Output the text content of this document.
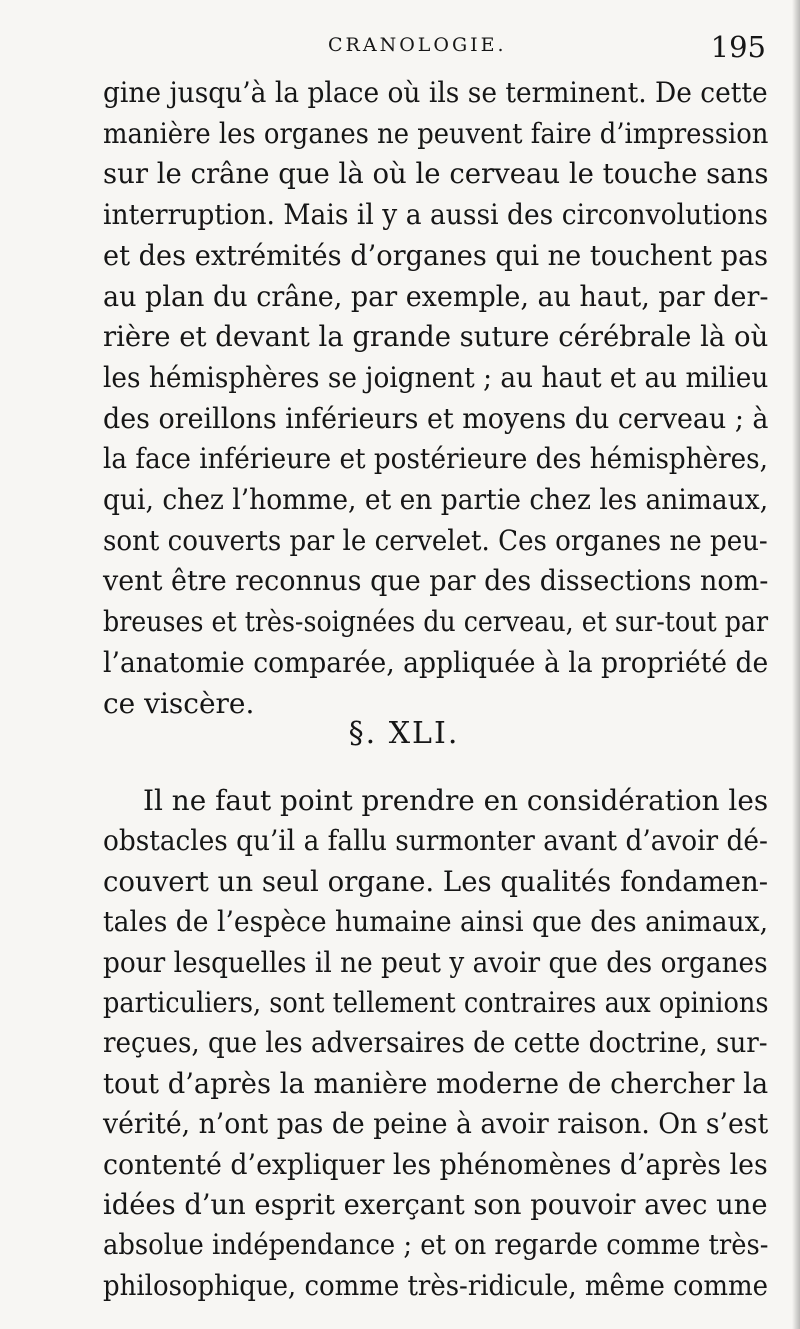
CRANOLOGIE.	195
gine jusqu’à la place où ils se terminent. De cette
manière les organes ne peuvent faire d’impression
sur le crâne que là où le cerveau le touche sans
interruption. Mais il y a aussi des circonvolutions
et des extrémités d’organes qui ne touchent pas
au plan du crâne, par exemple, au haut, par der-
rière et devant la grande suture cérébrale là où
les hémisphères se joignent ; au haut et au milieu
des oreillons inférieurs et moyens du cerveau ; à
la face inférieure et postérieure des hémisphères,
qui, chez l’homme, et en partie chez les animaux,
sont couverts par le cervelet. Ces organes ne peu-
vent être reconnus que par des dissections nom-
breuses et très-soignées du cerveau, et sur-tout par
l’anatomie comparée, appliquée à la propriété de
ce viscère.
§. XLI.
Il ne faut point prendre en considération les
obstacles qu’il a fallu surmonter avant d’avoir dé-
couvert un seul organe. Les qualités fondamen-
tales de l’espèce humaine ainsi que des animaux,
pour lesquelles il ne peut y avoir que des organes
particuliers, sont tellement contraires aux opinions
reçues, que les adversaires de cette doctrine, sur-
tout d’après la manière moderne de chercher la
vérité, n’ont pas de peine à avoir raison. On s’est
contenté d’expliquer les phénomènes d’après les
idées d’un esprit exerçant son pouvoir avec une
absolue indépendance ; et on regarde comme très-
philosophique, comme très-ridicule, même comme
